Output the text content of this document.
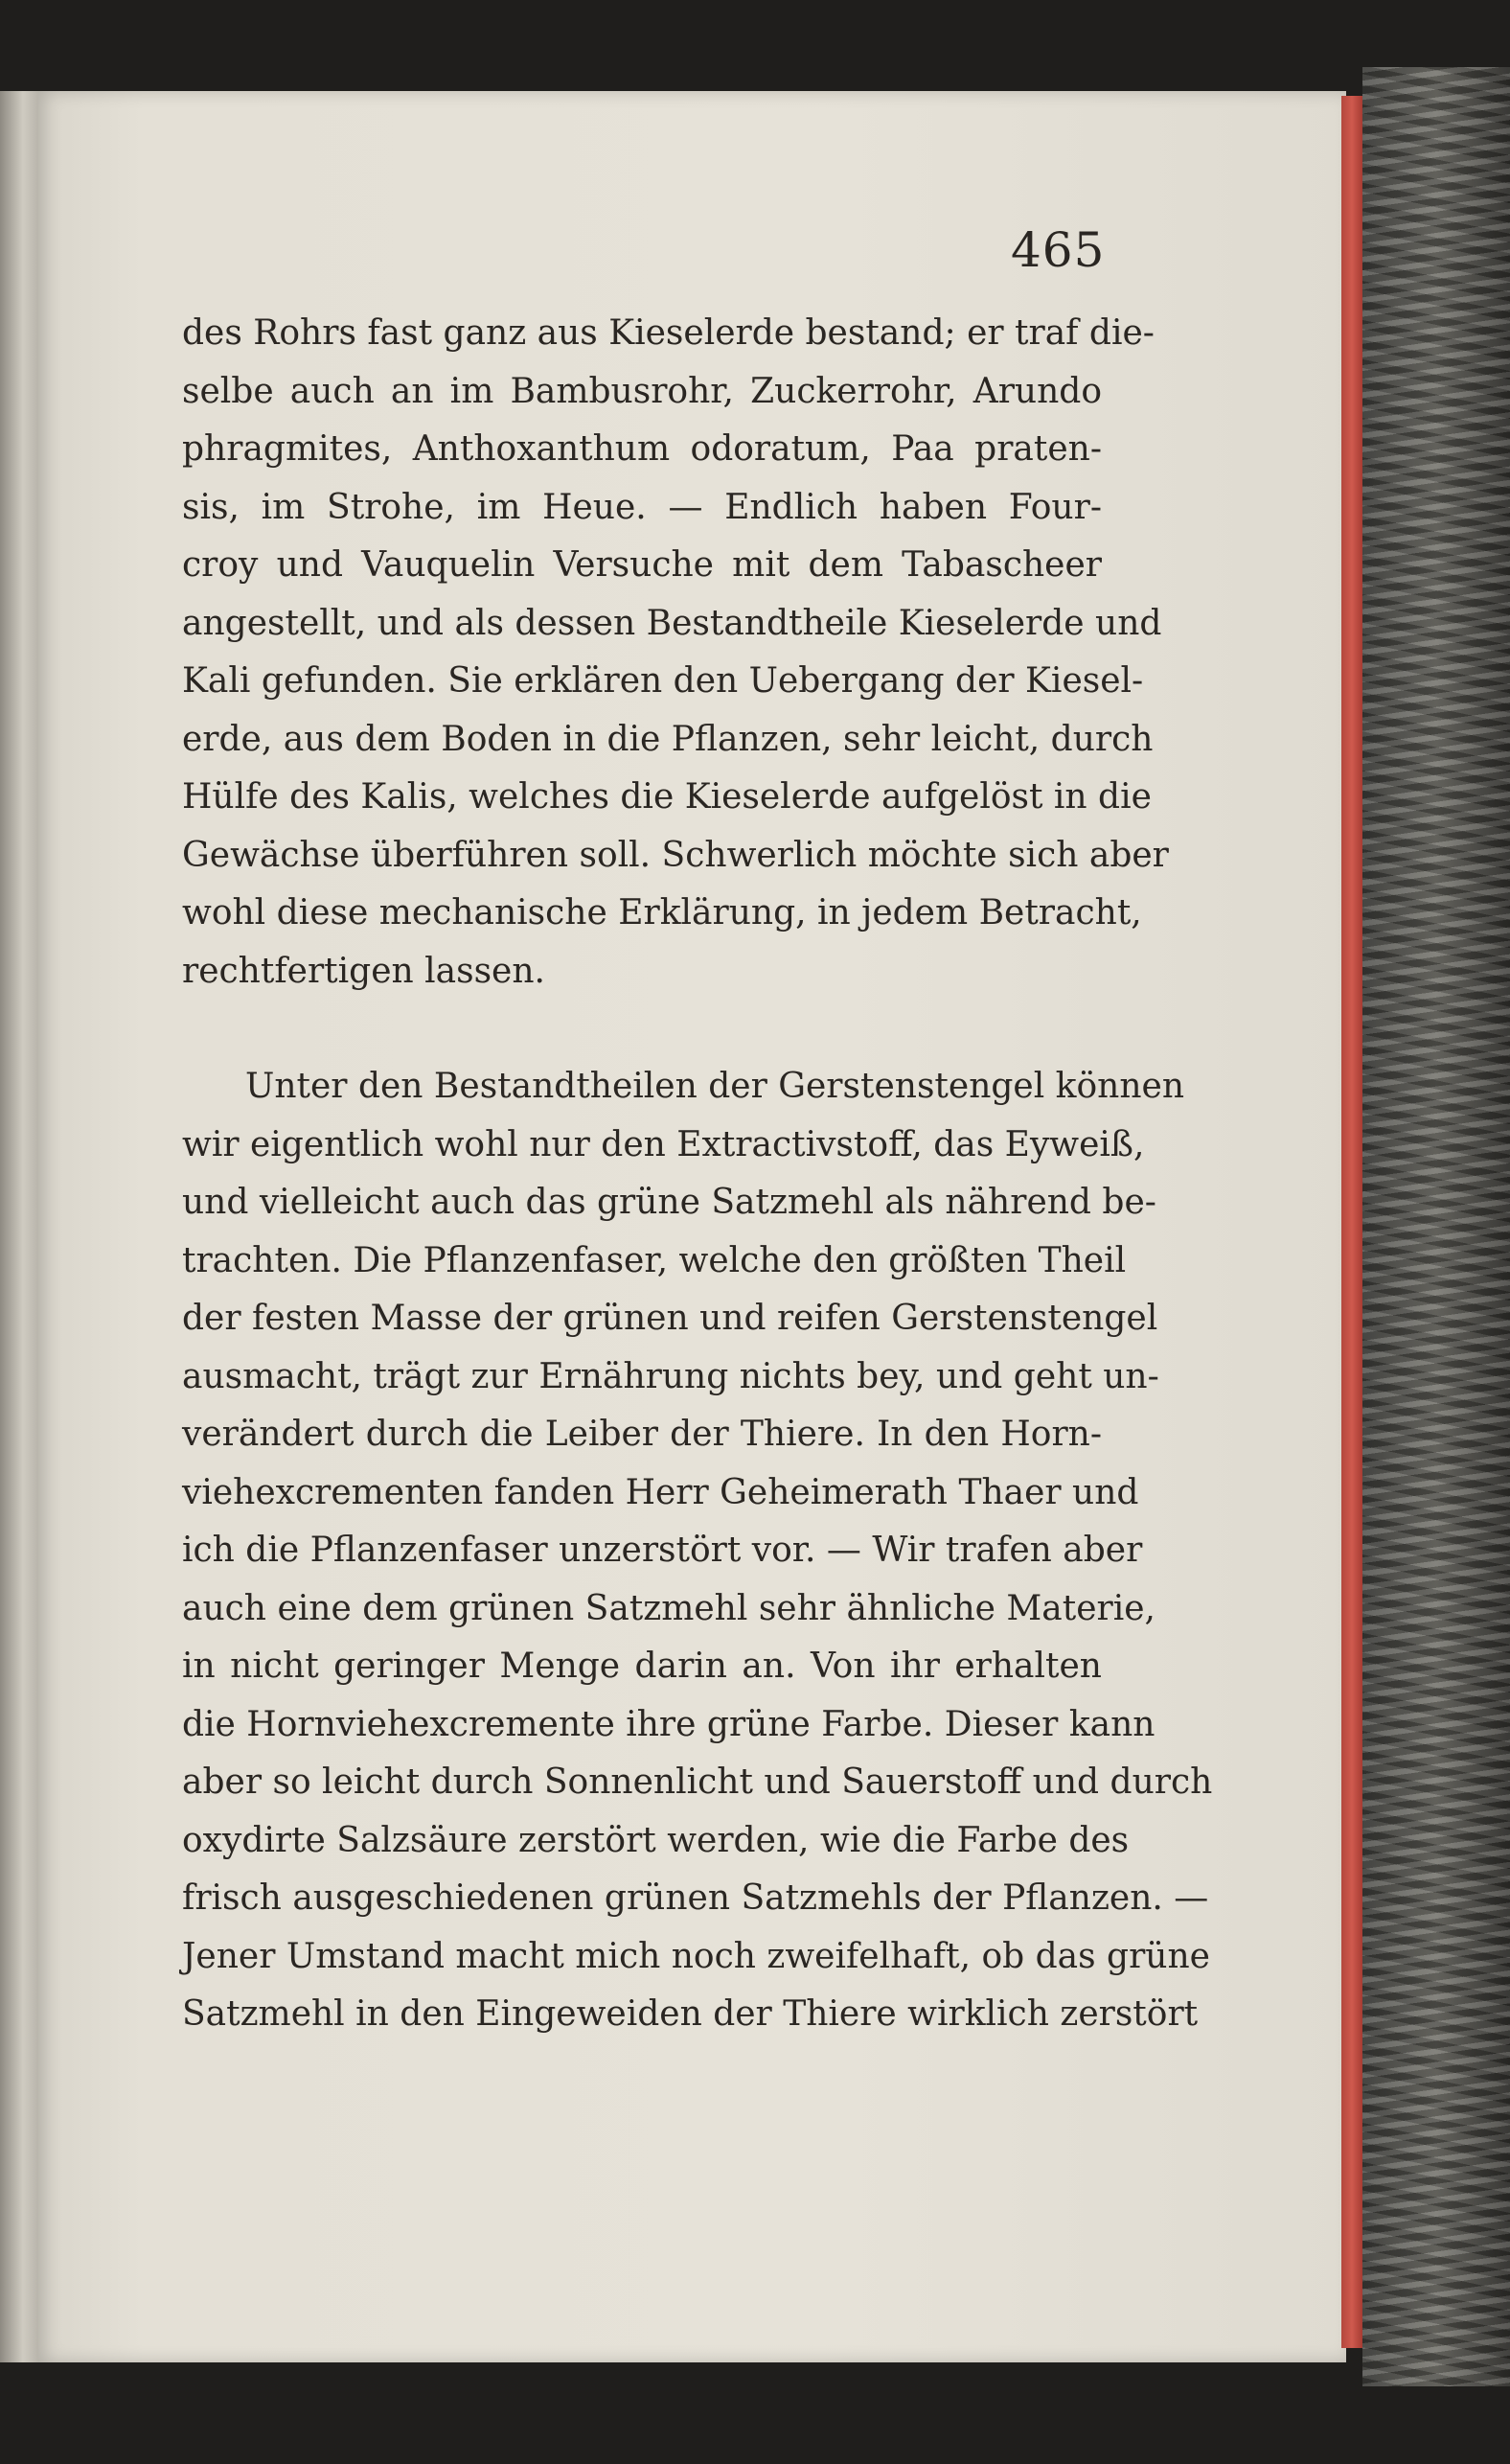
465
des Rohrs fast ganz aus Kieselerde bestand; er traf die-
selbe auch an im Bambusrohr, Zuckerrohr, Arundo
phragmites, Anthoxanthum odoratum, Paa praten-
sis, im Strohe, im Heue. — Endlich haben Four-
croy und Vauquelin Versuche mit dem Tabascheer
angestellt, und als dessen Bestandtheile Kieselerde und
Kali gefunden. Sie erklären den Uebergang der Kiesel-
erde, aus dem Boden in die Pflanzen, sehr leicht, durch
Hülfe des Kalis, welches die Kieselerde aufgelöst in die
Gewächse überführen soll. Schwerlich möchte sich aber
wohl diese mechanische Erklärung, in jedem Betracht,
rechtfertigen lassen.
Unter den Bestandtheilen der Gerstenstengel können
wir eigentlich wohl nur den Extractivstoff, das Eyweiß,
und vielleicht auch das grüne Satzmehl als nährend be-
trachten. Die Pflanzenfaser, welche den größten Theil
der festen Masse der grünen und reifen Gerstenstengel
ausmacht, trägt zur Ernährung nichts bey, und geht un-
verändert durch die Leiber der Thiere. In den Horn-
viehexcrementen fanden Herr Geheimerath Thaer und
ich die Pflanzenfaser unzerstört vor. — Wir trafen aber
auch eine dem grünen Satzmehl sehr ähnliche Materie,
in nicht geringer Menge darin an. Von ihr erhalten
die Hornviehexcremente ihre grüne Farbe. Dieser kann
aber so leicht durch Sonnenlicht und Sauerstoff und durch
oxydirte Salzsäure zerstört werden, wie die Farbe des
frisch ausgeschiedenen grünen Satzmehls der Pflanzen. —
Jener Umstand macht mich noch zweifelhaft, ob das grüne
Satzmehl in den Eingeweiden der Thiere wirklich zerstört
